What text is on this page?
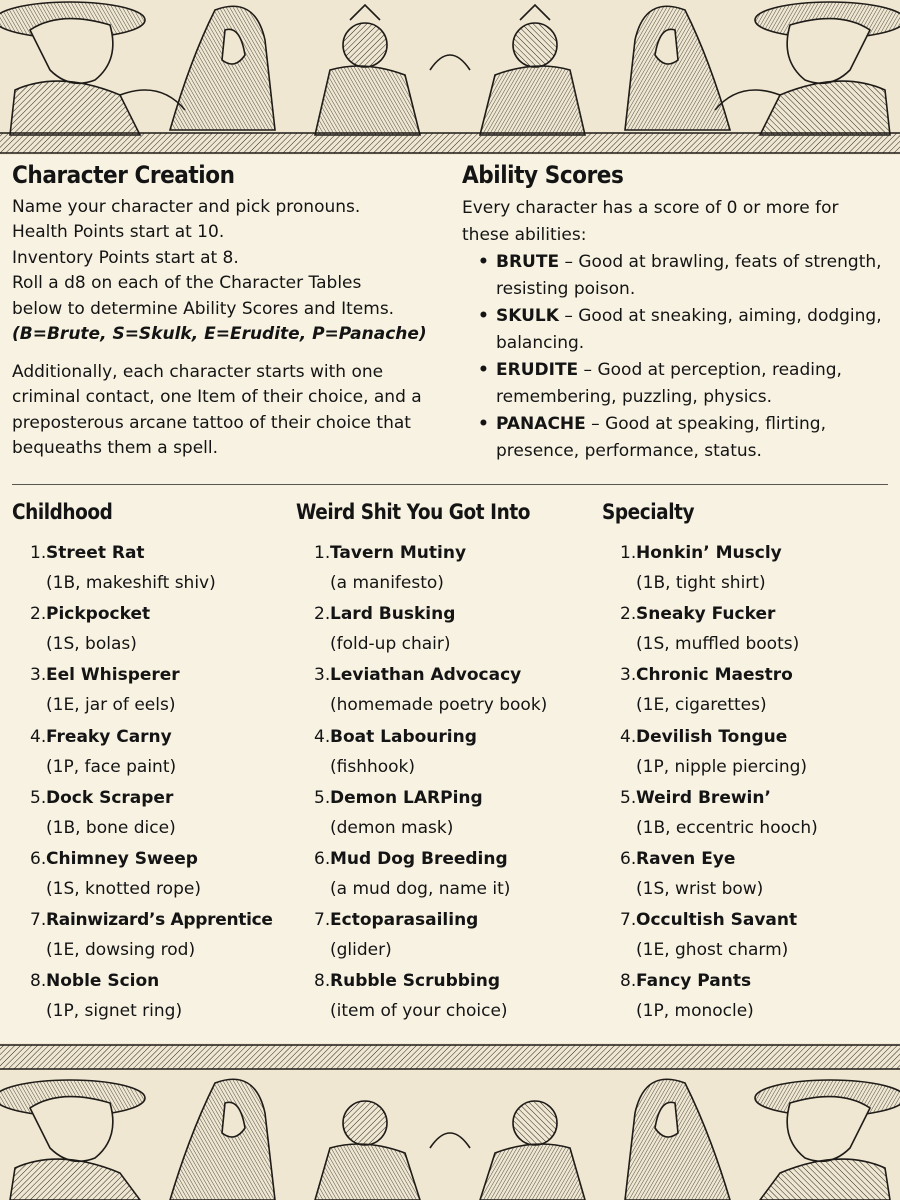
Character Creation

Name your character and pick pronouns.

Health Points start at 10.

Inventory Points start at 8.

Roll a d8 on each of the Character Tables below to determine Ability Scores and Items.

(B=Brute, S=Skulk, E=Erudite, P=Panache)

Additionally, each character starts with one criminal contact, one Item of their choice, and a preposterous arcane tattoo of their choice that bequeaths them a spell.

Ability Scores

Every character has a score of 0 or more for these abilities:

• BRUTE – Good at brawling, feats of strength, resisting poison.
• SKULK – Good at sneaking, aiming, dodging, balancing.
• ERUDITE – Good at perception, reading, remembering, puzzling, physics.
• PANACHE – Good at speaking, flirting, presence, performance, status.
Childhood
1. Street Rat
(1B, makeshift shiv)
2. Pickpocket
(1S, bolas)
3. Eel Whisperer
(1E, jar of eels)
4. Freaky Carny
(1P, face paint)
5. Dock Scraper
(1B, bone dice)
6. Chimney Sweep
(1S, knotted rope)
7. Rainwizard’s Apprentice
(1E, dowsing rod)
8. Noble Scion
(1P, signet ring)
Weird Shit You Got Into
1. Tavern Mutiny
(a manifesto)
2. Lard Busking
(fold-up chair)
3. Leviathan Advocacy
(homemade poetry book)
4. Boat Labouring
(fishhook)
5. Demon LARPing
(demon mask)
6. Mud Dog Breeding
(a mud dog, name it)
7. Ectoparasailing
(glider)
8. Rubble Scrubbing
(item of your choice)
Specialty
1. Honkin’ Muscly
(1B, tight shirt)
2. Sneaky Fucker
(1S, muffled boots)
3. Chronic Maestro
(1E, cigarettes)
4. Devilish Tongue
(1P, nipple piercing)
5. Weird Brewin’
(1B, eccentric hooch)
6. Raven Eye
(1S, wrist bow)
7. Occultish Savant
(1E, ghost charm)
8. Fancy Pants
(1P, monocle)
